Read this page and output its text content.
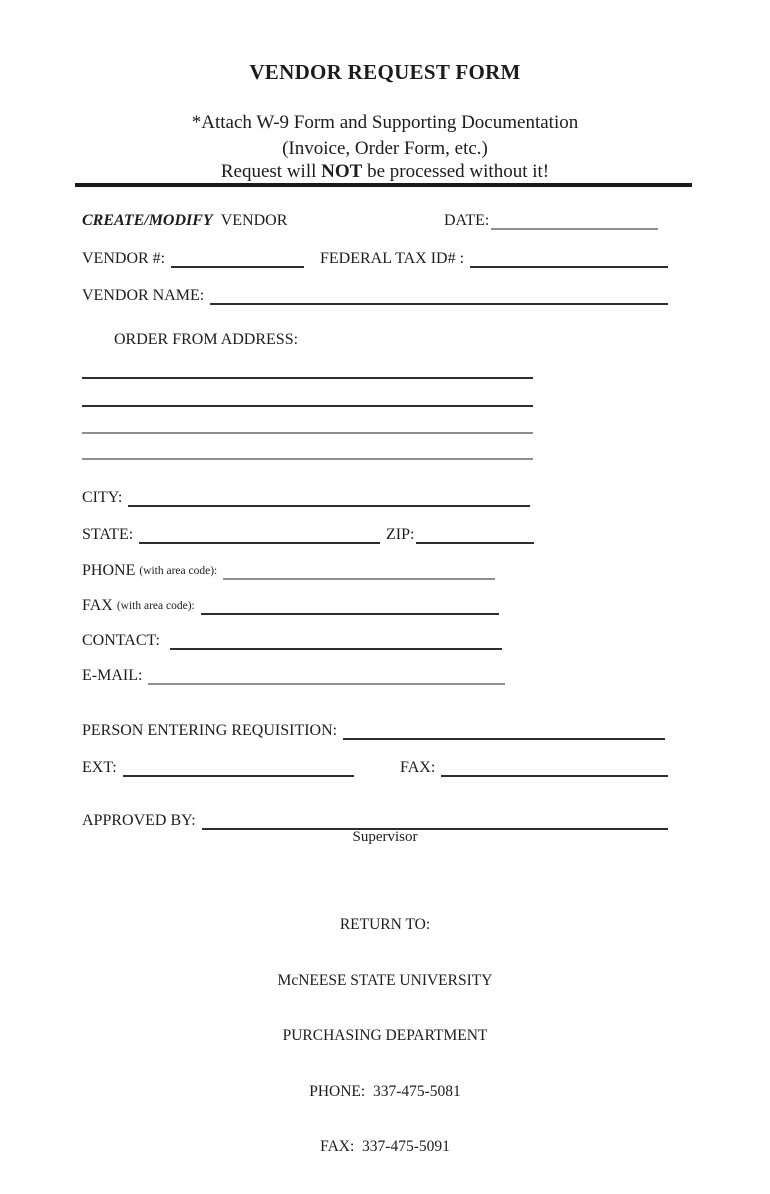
VENDOR REQUEST FORM
*Attach W-9 Form and Supporting Documentation
(Invoice, Order Form, etc.)
Request will NOT be processed without it!
CREATE/MODIFY VENDOR	DATE:
VENDOR #:	FEDERAL TAX ID# :
VENDOR NAME:
ORDER FROM ADDRESS:
CITY:
STATE:	ZIP:
PHONE (with area code):
FAX (with area code):
CONTACT:
E-MAIL:
PERSON ENTERING REQUISITION:
EXT:	FAX:
APPROVED BY:
Supervisor

RETURN TO:

McNEESE STATE UNIVERSITY

PURCHASING DEPARTMENT

PHONE:  337-475-5081

FAX:  337-475-5091
